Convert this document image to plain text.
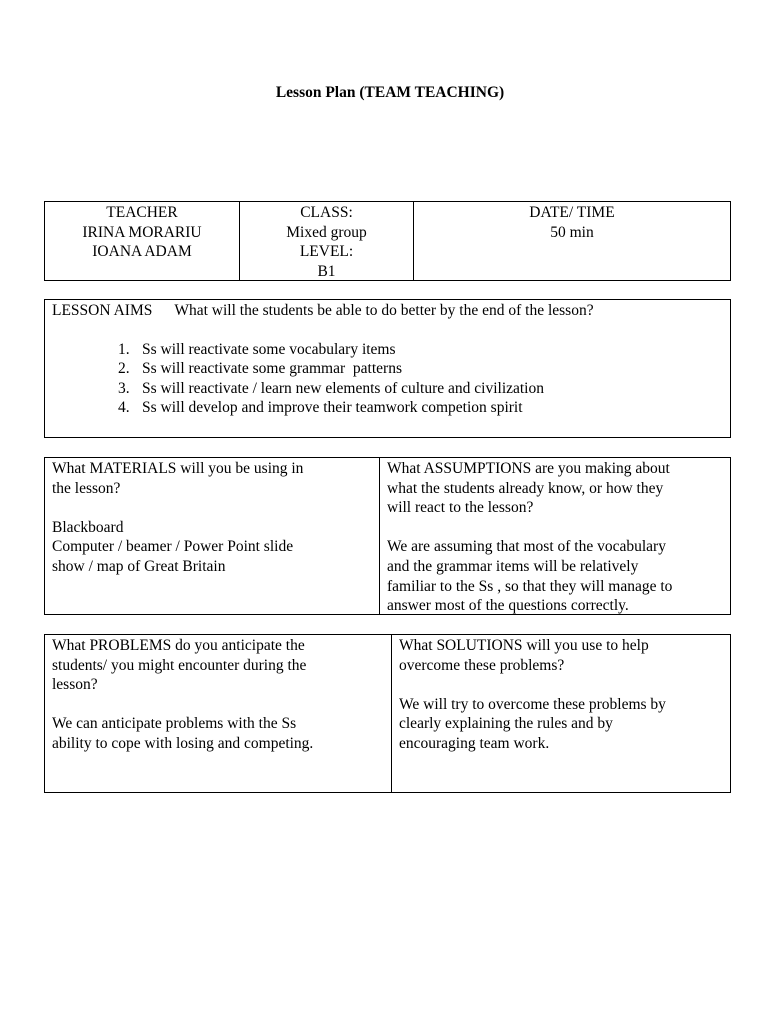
Lesson Plan (TEAM TEACHING)
TEACHER
IRINA MORARIU
IOANA ADAM
CLASS:
Mixed group
LEVEL:
B1
DATE/ TIME
50 min
LESSON AIMS What will the students be able to do better by the end of the lesson?
1. Ss will reactivate some vocabulary items
2. Ss will reactivate some grammar  patterns
3. Ss will reactivate / learn new elements of culture and civilization
4. Ss will develop and improve their teamwork competion spirit
What MATERIALS will you be using in
the lesson?

Blackboard
Computer / beamer / Power Point slide
show / map of Great Britain
What ASSUMPTIONS are you making about
what the students already know, or how they
will react to the lesson?

We are assuming that most of the vocabulary
and the grammar items will be relatively
familiar to the Ss , so that they will manage to
answer most of the questions correctly.
What PROBLEMS do you anticipate the
students/ you might encounter during the
lesson?

We can anticipate problems with the Ss
ability to cope with losing and competing.
What SOLUTIONS will you use to help
overcome these problems?

We will try to overcome these problems by
clearly explaining the rules and by
encouraging team work.
